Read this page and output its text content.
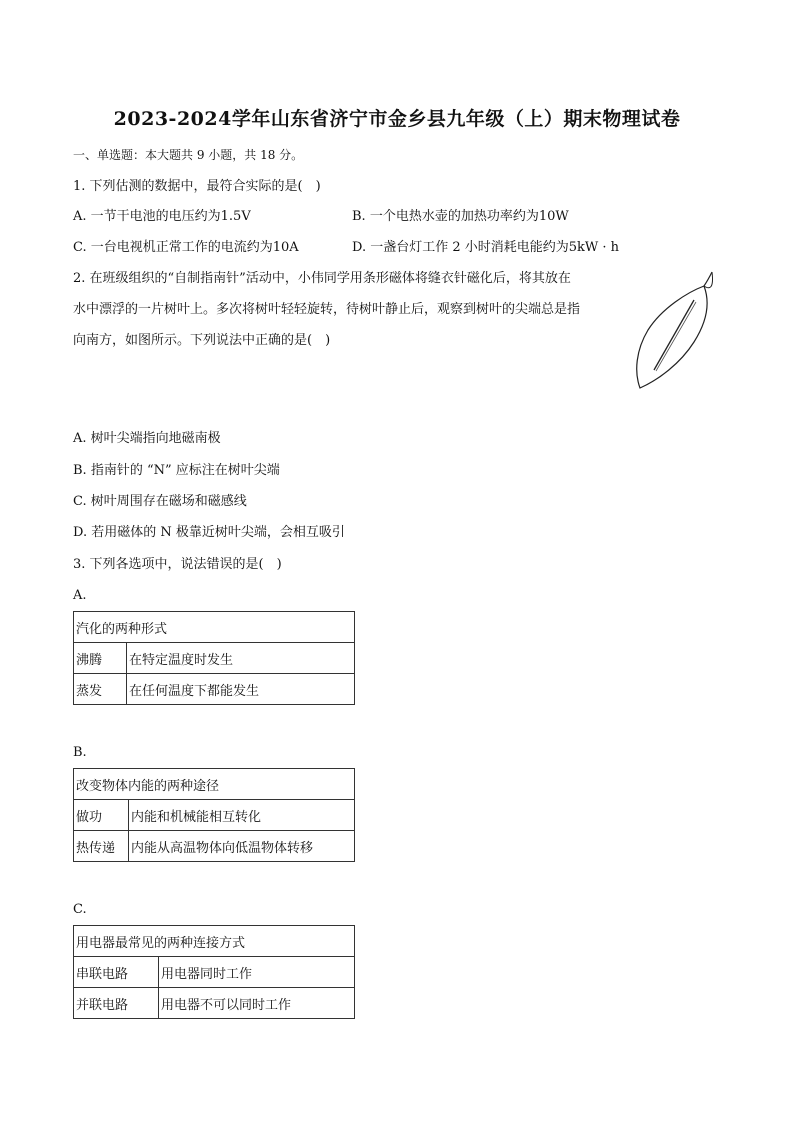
2023-2024学年山东省济宁市金乡县九年级（上）期末物理试卷
一、单选题：本大题共 9 小题，共 18 分。
1. 下列估测的数据中，最符合实际的是(　)
A. 一节干电池的电压约为1.5V	B. 一个电热水壶的加热功率约为10W
C. 一台电视机正常工作的电流约为10A	D. 一盏台灯工作 2 小时消耗电能约为5kW · h
2. 在班级组织的“自制指南针”活动中，小伟同学用条形磁体将缝衣针磁化后，将其放在
水中漂浮的一片树叶上。多次将树叶轻轻旋转，待树叶静止后，观察到树叶的尖端总是指
向南方，如图所示。下列说法中正确的是(　)
A. 树叶尖端指向地磁南极
B. 指南针的 “N” 应标注在树叶尖端
C. 树叶周围存在磁场和磁感线
D. 若用磁体的 N 极靠近树叶尖端，会相互吸引
3. 下列各选项中，说法错误的是(　)
A.
汽化的两种形式	
沸腾	在特定温度时发生
蒸发	在任何温度下都能发生
B.
改变物体内能的两种途径	
做功	内能和机械能相互转化
热传递	内能从高温物体向低温物体转移
C.
用电器最常见的两种连接方式	
串联电路	用电器同时工作
并联电路	用电器不可以同时工作
